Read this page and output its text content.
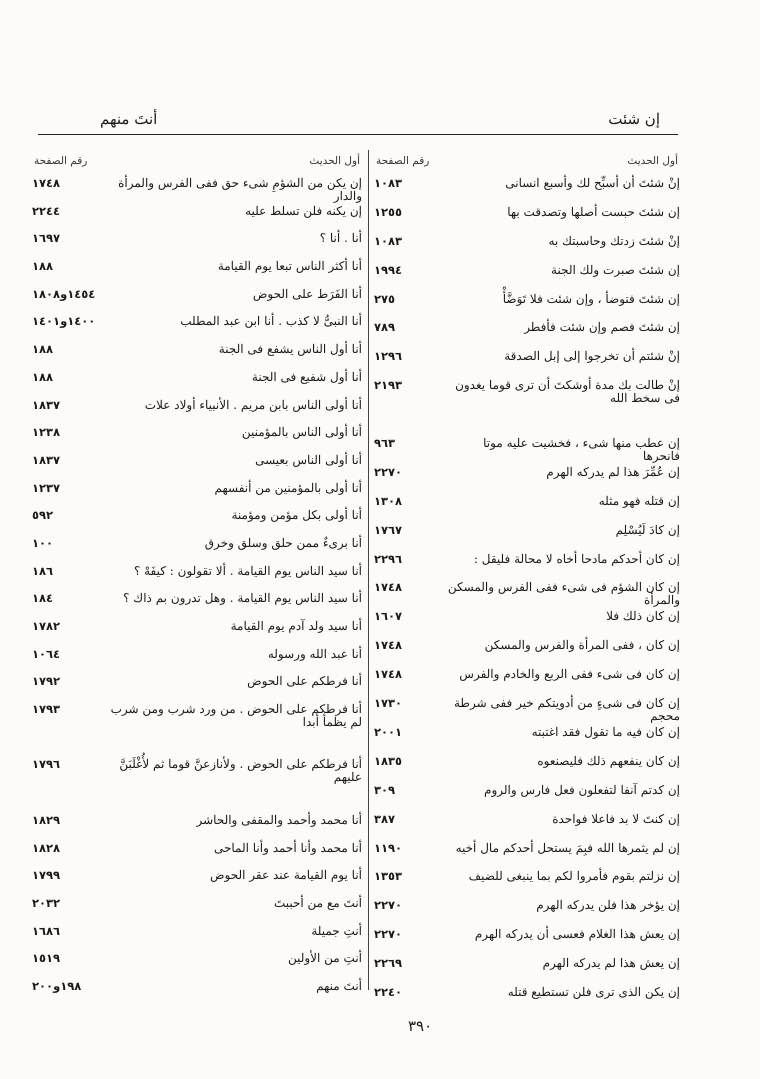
إن شئت
أنتَ منهم
أول الحديث
رقم الصفحة
إنْ شئتَ أن أسبِّح لك وأسبع انسانى
١٠٨٣
إن شئتَ حبست أصلها وتصدقت بها
١٢٥٥
إنْ شئتَ زدتك وحاسبتك به
١٠٨٣
إن شئتَ صبرت ولك الجنة
١٩٩٤
إن شئتَ فتوضأ ، وإن شئت فلا تَوَضَّأْ
٢٧٥
إن شئتَ فصم وإن شئت فأفطر
٧٨٩
إنْ شئتم أن تخرجوا إلى إبل الصدقة
١٢٩٦
إنْ طالت بك مدة أوشكتَ أن ترى قوما يغدون فى سخط الله
٢١٩٣
إن عطب منها شىء ، فخشيت عليه موتا فانحرها
٩٦٣
إن عُمِّرَ هذا لم يدركه الهرم
٢٢٧٠
إن قتله فهو مثله
١٣٠٨
إن كادَ لَيُسْلِم
١٧٦٧
إن كان أحدكم مادحا أخاه لا محالة فليقل :
٢٢٩٦
إن كان الشؤم فى شىء ففى الفرس والمسكن والمرأة
١٧٤٨
إن كان ذلك فلا
١٦٠٧
إن كان ، ففى المرأة والفرس والمسكن
١٧٤٨
إن كان فى شىء ففى الربع والخادم والفرس
١٧٤٨
إن كان فى شىءٍ من أدويتكم خير ففى شرطة محجم
١٧٣٠
إن كان فيه ما تقول فقد اغتبته
٢٠٠١
إن كان ينفعهم ذلك فليصنعوه
١٨٣٥
إن كدتم آنفا لتفعلون فعل فارس والروم
٣٠٩
إن كنتَ لا بد فاعلا فواحدة
٣٨٧
إن لم يثمرها الله فبِمَ يستحل أحدكم مال أخيه
١١٩٠
إن نزلتم بقوم فأمروا لكم بما ينبغى للضيف
١٣٥٣
إن يؤخر هذا فلن يدركه الهرم
٢٢٧٠
إن يعش هذا الغلام فعسى أن يدركه الهرم
٢٢٧٠
إن يعش هذا لم يدركه الهرم
٢٢٦٩
إن يكن الذى ترى فلن تستطيع قتله
٢٢٤٠
أول الحديث
رقم الصفحة
إن يكن من الشؤمِ شىء حق ففى الفرس والمرأة والدار
١٧٤٨
إن يكنه فلن تسلط عليه
٢٢٤٤
أنا . أنا ؟
١٦٩٧
أنا أكثر الناس تبعا يوم القيامة
١٨٨
أنا الفَرَط على الحوض
١٤٥٤و١٨٠٨
أنا النبىُّ لا كذب . أنا ابن عبد المطلب
١٤٠٠و١٤٠١
أنا أول الناس يشفع فى الجنة
١٨٨
أنا أول شفيع فى الجنة
١٨٨
أنا أولى الناس بابن مريم . الأنبياء أولاد علات
١٨٣٧
أنا أولى الناس بالمؤمنين
١٢٣٨
أنا أولى الناس بعيسى
١٨٣٧
أنا أولى بالمؤمنين من أنفسهم
١٢٣٧
أنا أولى بكل مؤمن ومؤمنة
٥٩٢
أنا برىءٌ ممن حلق وسلق وخرق
١٠٠
أنا سيد الناس يوم القيامة . ألا تقولون : كيفَهْ ؟
١٨٦
أنا سيد الناس يوم القيامة . وهل تدرون بم ذاك ؟
١٨٤
أنا سيد ولد آدم يوم القيامة
١٧٨٢
أنا عبد الله ورسوله
١٠٦٤
أنا فرطكم على الحوض
١٧٩٢
أنا فرطكم على الحوض . من ورد شرب ومن شرب لم يظمأ أبدا
١٧٩٣
أنا فرطكم على الحوض . ولأنازعنَّ قوما ثم لأُغْلَبَنَّ عليهم
١٧٩٦
أنا محمد وأحمد والمقفى والحاشر
١٨٢٩
أنا محمد وأنا أحمد وأنا الماحى
١٨٢٨
أنا يوم القيامة عند عقر الحوض
١٧٩٩
أنتَ مع من أحببتَ
٢٠٣٢
أنتِ جميلة
١٦٨٦
أنتِ من الأولين
١٥١٩
أنتَ منهم
١٩٨و٢٠٠
٣٩٠
